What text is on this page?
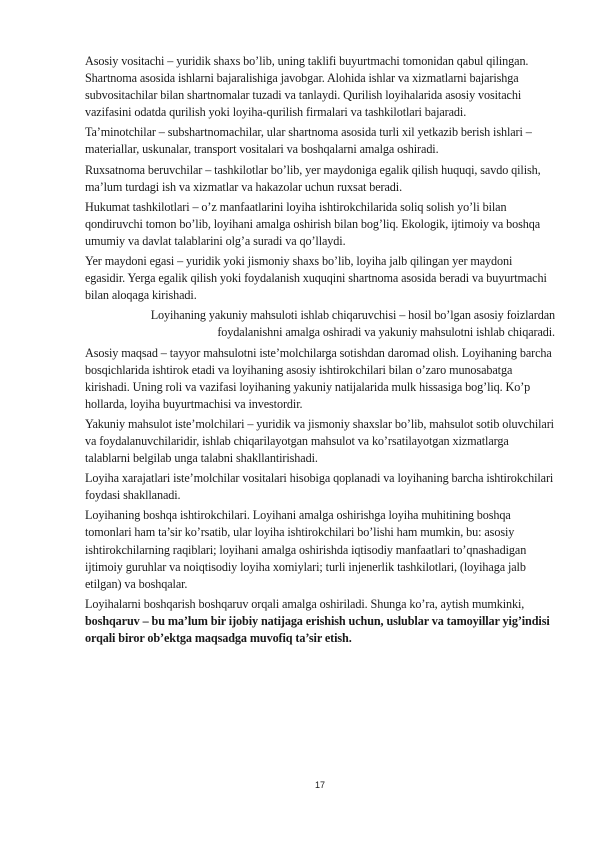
Asosiy vositachi – yuridik shaxs bo’lib, uning taklifi buyurtmachi tomonidan qabul qilingan. Shartnoma asosida ishlarni bajaralishiga javobgar. Alohida ishlar va xizmatlarni bajarishga subvositachilar bilan shartnomalar tuzadi va tanlaydi. Qurilish loyihalarida asosiy vositachi vazifasini odatda qurilish yoki loyiha-qurilish firmalari va tashkilotlari bajaradi.

Ta’minotchilar – subshartnomachilar, ular shartnoma asosida turli xil yetkazib berish ishlari – materiallar, uskunalar, transport vositalari va boshqalarni amalga oshiradi.

Ruxsatnoma beruvchilar – tashkilotlar bo’lib, yer maydoniga egalik qilish huquqi, savdo qilish, ma’lum turdagi ish va xizmatlar va hakazolar uchun ruxsat beradi.

Hukumat tashkilotlari – o’z manfaatlarini loyiha ishtirokchilarida soliq solish yo’li bilan qondiruvchi tomon bo’lib, loyihani amalga oshirish bilan bog’liq. Ekologik, ijtimoiy va boshqa umumiy va davlat talablarini olg’a suradi va qo’llaydi.

Yer maydoni egasi – yuridik yoki jismoniy shaxs bo’lib, loyiha jalb qilingan yer maydoni egasidir. Yerga egalik qilish yoki foydalanish xuquqini shartnoma asosida beradi va buyurtmachi bilan aloqaga kirishadi.

Loyihaning yakuniy mahsuloti ishlab chiqaruvchisi – hosil bo’lgan asosiy foizlardan foydalanishni amalga oshiradi va yakuniy mahsulotni ishlab chiqaradi.

Asosiy maqsad – tayyor mahsulotni iste’molchilarga sotishdan daromad olish. Loyihaning barcha bosqichlarida ishtirok etadi va loyihaning asosiy ishtirokchilari bilan o’zaro munosabatga kirishadi. Uning roli va vazifasi loyihaning yakuniy natijalarida mulk hissasiga bog’liq. Ko’p hollarda, loyiha buyurtmachisi va investordir.

Yakuniy mahsulot iste’molchilari – yuridik va jismoniy shaxslar bo’lib, mahsulot sotib oluvchilari va foydalanuvchilaridir, ishlab chiqarilayotgan mahsulot va ko’rsatilayotgan xizmatlarga talablarni belgilab unga talabni shakllantirishadi.

Loyiha xarajatlari iste’molchilar vositalari hisobiga qoplanadi va loyihaning barcha ishtirokchilari foydasi shakllanadi.

Loyihaning boshqa ishtirokchilari. Loyihani amalga oshirishga loyiha muhitining boshqa tomonlari ham ta’sir ko’rsatib, ular loyiha ishtirokchilari bo’lishi ham mumkin, bu: asosiy ishtirokchilarning raqiblari; loyihani amalga oshirishda iqtisodiy manfaatlari to’qnashadigan ijtimoiy guruhlar va noiqtisodiy loyiha xomiylari; turli injenerlik tashkilotlari, (loyihaga jalb etilgan) va boshqalar.

Loyihalarni boshqarish boshqaruv orqali amalga oshiriladi. Shunga ko’ra, aytish mumkinki, boshqaruv – bu ma’lum bir ijobiy natijaga erishish uchun, uslublar va tamoyillar yig’indisi orqali biror ob’ektga maqsadga muvofiq ta’sir etish.

17
